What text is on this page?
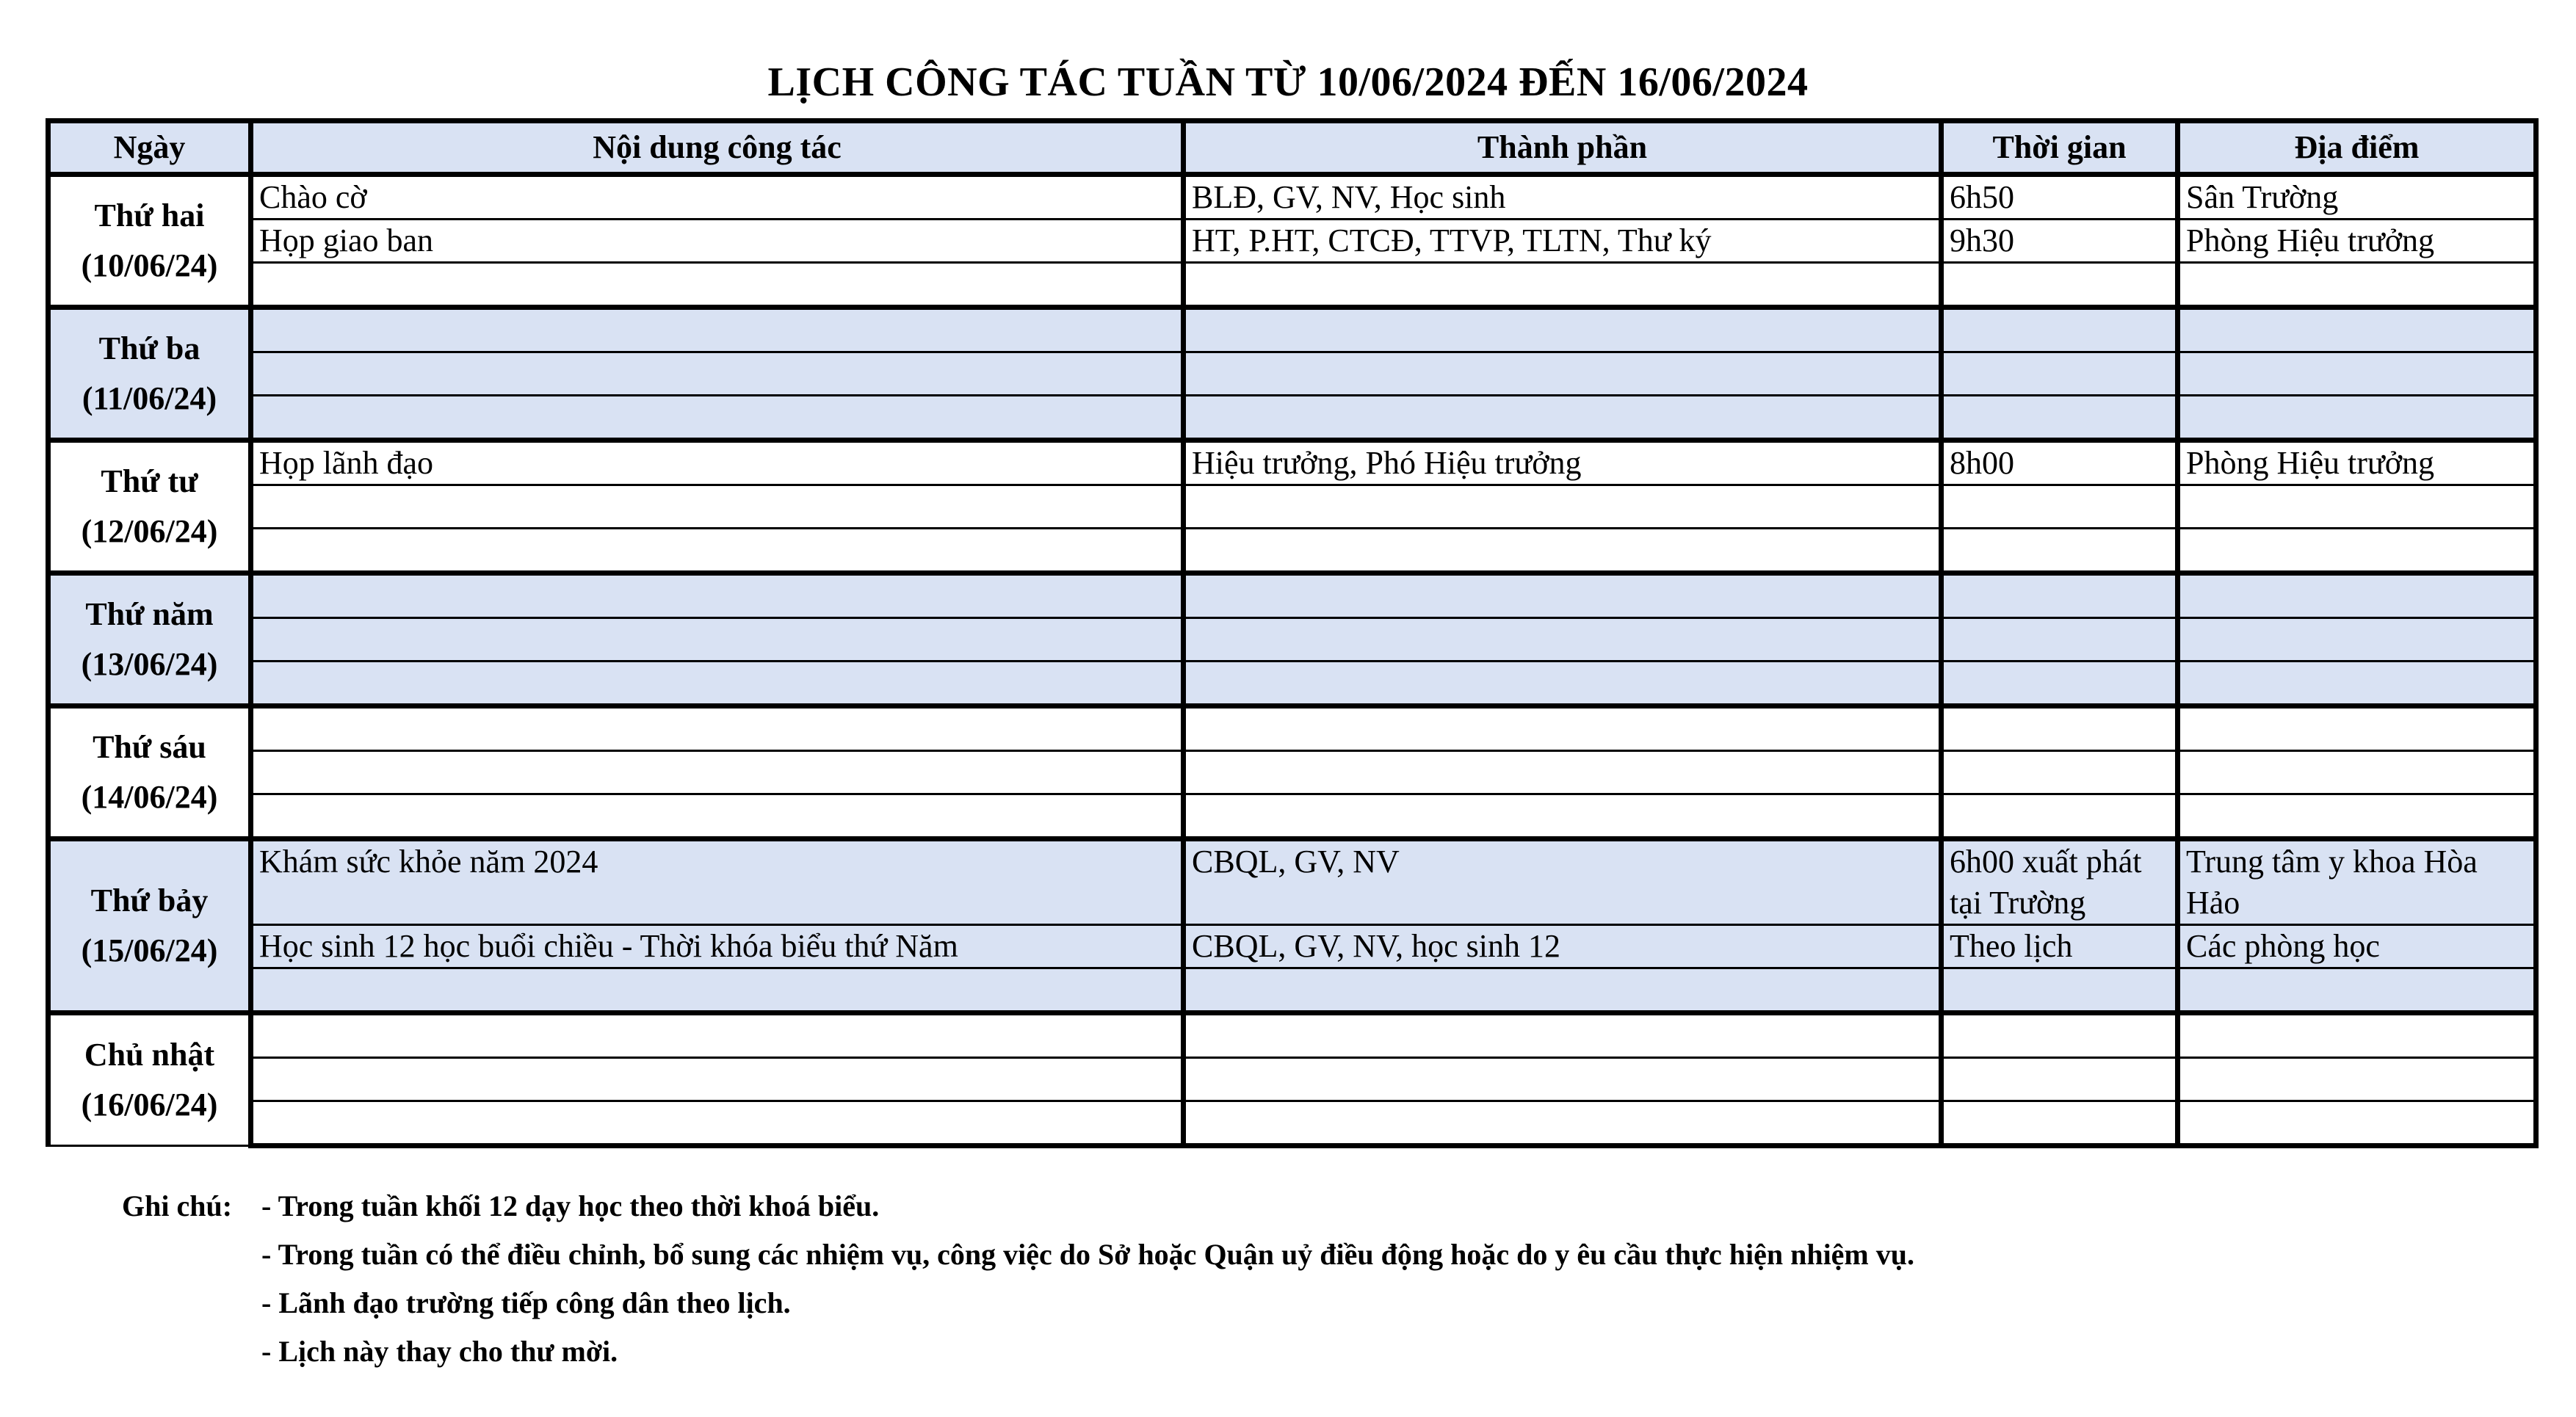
LỊCH CÔNG TÁC TUẦN TỪ 10/06/2024 ĐẾN 16/06/2024
Ngày	Nội dung công tác	Thành phần	Thời gian	Địa điểm

Thứ hai
(10/06/24)	Chào cờ	BLĐ, GV, NV, Học sinh	6h50	Sân Trường
	Họp giao ban	HT, P.HT, CTCĐ, TTVP, TLTN, Thư ký	9h30	Phòng Hiệu trưởng

Thứ ba
(11/06/24)				

Thứ tư
(12/06/24)	Họp lãnh đạo	Hiệu trưởng, Phó Hiệu trưởng	8h00	Phòng Hiệu trưởng

Thứ năm
(13/06/24)				

Thứ sáu
(14/06/24)				

Thứ bảy
(15/06/24)	Khám sức khỏe năm 2024	CBQL, GV, NV	6h00 xuất phát tại Trường	Trung tâm y khoa Hòa Hảo
	Học sinh 12 học buổi chiều - Thời khóa biểu thứ Năm	CBQL, GV, NV, học sinh 12	Theo lịch	Các phòng học

Chủ nhật
(16/06/24)				

Ghi chú: - Trong tuần khối 12 dạy học theo thời khoá biểu.
- Trong tuần có thể điều chỉnh, bổ sung các nhiệm vụ, công việc do Sở hoặc Quận uỷ điều động hoặc do y êu cầu thực hiện nhiệm vụ.
- Lãnh đạo trường tiếp công dân theo lịch.
- Lịch này thay cho thư mời.
